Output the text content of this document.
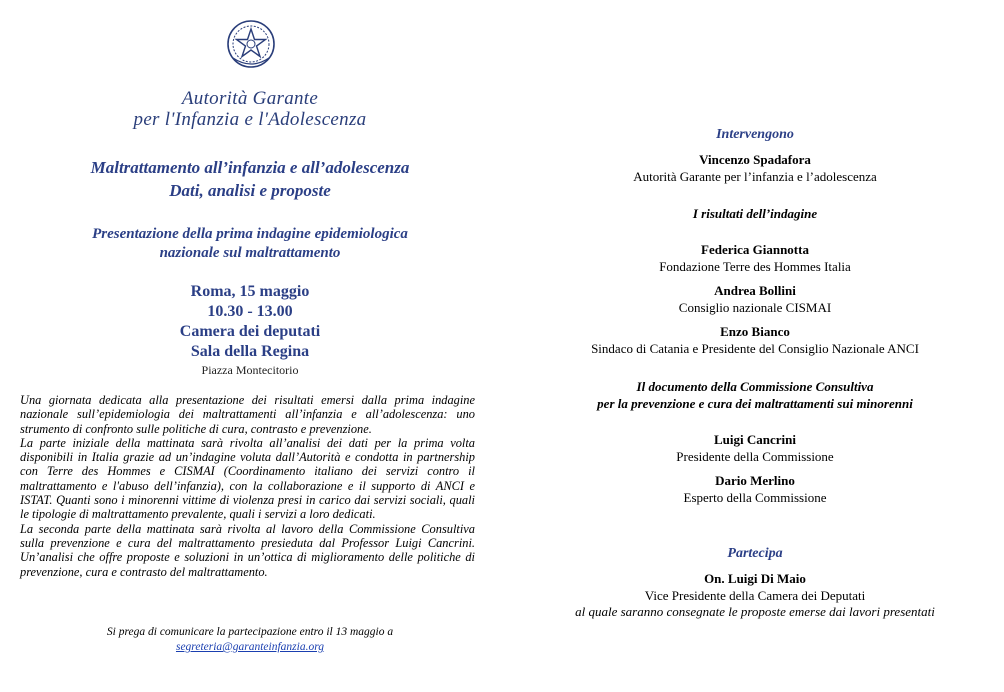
Autorità Garante
per l'Infanzia e l'Adolescenza
Maltrattamento all’infanzia e all’adolescenza
Dati, analisi e proposte
Presentazione della prima indagine epidemiologica
nazionale sul maltrattamento
Roma, 15 maggio
10.30 - 13.00
Camera dei deputati
Sala della Regina
Piazza Montecitorio

Una giornata dedicata alla presentazione dei risultati emersi dalla prima indagine nazionale sull’epidemiologia dei maltrattamenti all’infanzia e all’adolescenza: uno strumento di confronto sulle politiche di cura, contrasto e prevenzione.

La parte iniziale della mattinata sarà rivolta all’analisi dei dati per la prima volta disponibili in Italia grazie ad un’indagine voluta dall’Autorità e condotta in partnership con Terre des Hommes e CISMAI (Coordinamento italiano dei servizi contro il maltrattamento e l'abuso dell’infanzia), con la collaborazione e il supporto di ANCI e ISTAT. Quanti sono i minorenni vittime di violenza presi in carico dai servizi sociali, quali le tipologie di maltrattamento prevalente, quali i servizi a loro dedicati.

La seconda parte della mattinata sarà rivolta al lavoro della Commissione Consultiva sulla prevenzione e cura del maltrattamento presieduta dal Professor Luigi Cancrini. Un’analisi che offre proposte e soluzioni in un’ottica di miglioramento delle politiche di prevenzione, cura e contrasto del maltrattamento.

Si prega di comunicare la partecipazione entro il 13 maggio a
segreteria@garanteinfanzia.org
Intervengono
Vincenzo Spadafora
Autorità Garante per l’infanzia e l’adolescenza
I risultati dell’indagine
Federica Giannotta
Fondazione Terre des Hommes Italia
Andrea Bollini
Consiglio nazionale CISMAI
Enzo Bianco
Sindaco di Catania e Presidente del Consiglio Nazionale ANCI
Il documento della Commissione Consultiva
per la prevenzione e cura dei maltrattamenti sui minorenni
Luigi Cancrini
Presidente della Commissione
Dario Merlino
Esperto della Commissione
Partecipa
On. Luigi Di Maio
Vice Presidente della Camera dei Deputati
al quale saranno consegnate le proposte emerse dai lavori presentati
